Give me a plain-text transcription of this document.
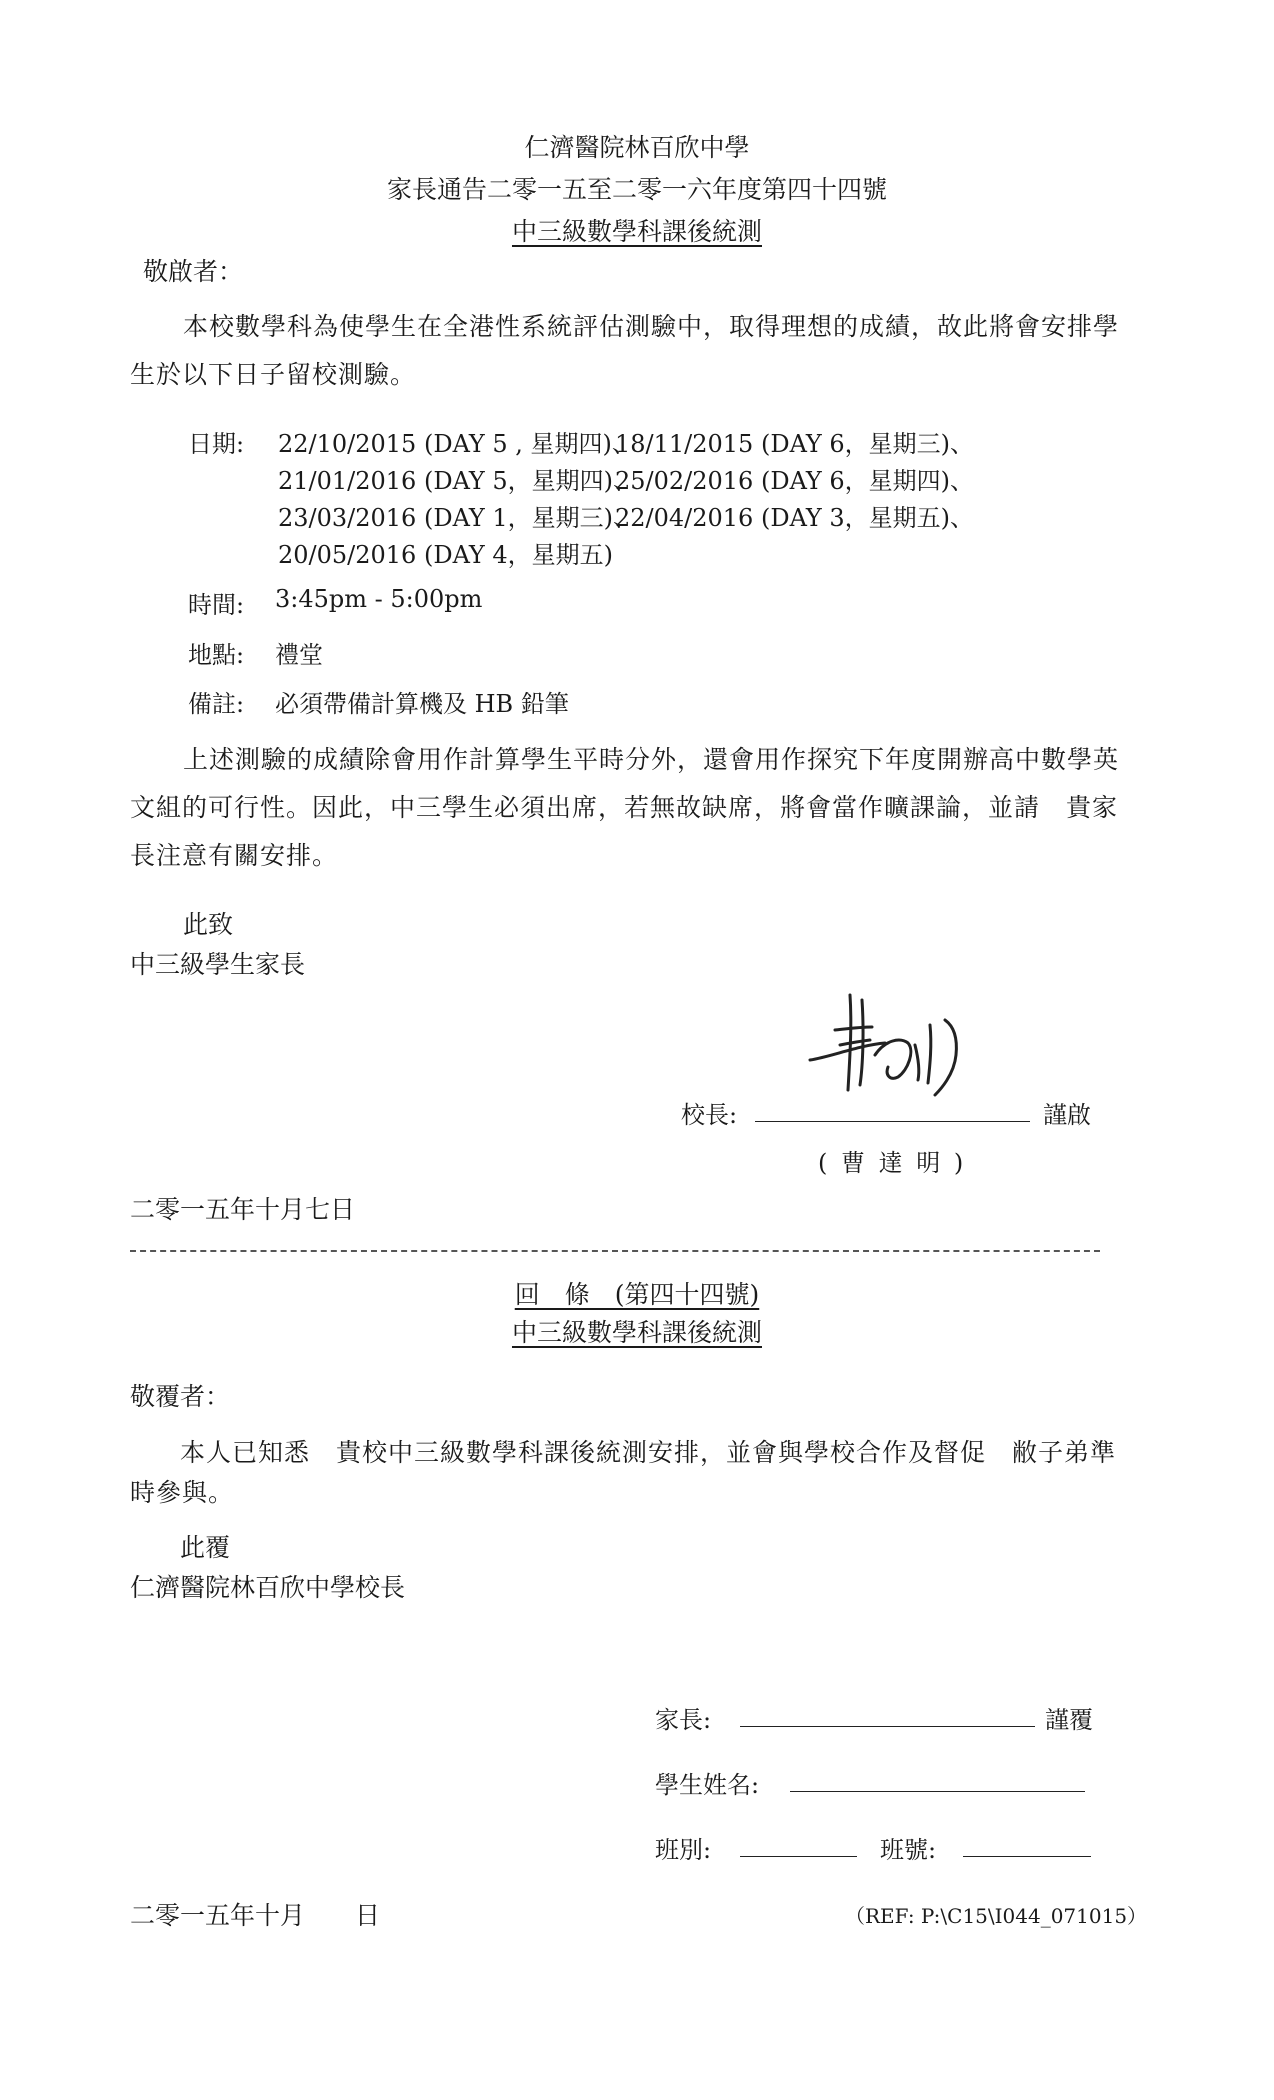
仁濟醫院林百欣中學
家長通告二零一五至二零一六年度第四十四號
中三級數學科課後統測
敬啟者：
本校數學科為使學生在全港性系統評估測驗中，取得理想的成績，故此將會安排學
生於以下日子留校測驗。
日期: 22/10/2015 (DAY 5 , 星期四)、
18/11/2015 (DAY 6，星期三)、
21/01/2016 (DAY 5，星期四)、
25/02/2016 (DAY 6，星期四)、
23/03/2016 (DAY 1，星期三)、
22/04/2016 (DAY 3，星期五)、
20/05/2016 (DAY 4，星期五)
時間: 3:45pm - 5:00pm
地點: 禮堂
備註: 必須帶備計算機及 HB 鉛筆
上述測驗的成績除會用作計算學生平時分外，還會用作探究下年度開辦高中數學英
文組的可行性。因此，中三學生必須出席，若無故缺席，將會當作曠課論，並請　貴家
長注意有關安排。
此致
中三級學生家長
校長:	謹啟
( 曹 達 明 )
二零一五年十月七日
回　條　(第四十四號)
中三級數學科課後統測
敬覆者：
本人已知悉　貴校中三級數學科課後統測安排，並會與學校合作及督促　敝子弟準
時參與。
此覆
仁濟醫院林百欣中學校長
家長:	謹覆
學生姓名:
班別:	班號:
二零一五年十月　　日	（REF: P:\C15\I044_071015）
